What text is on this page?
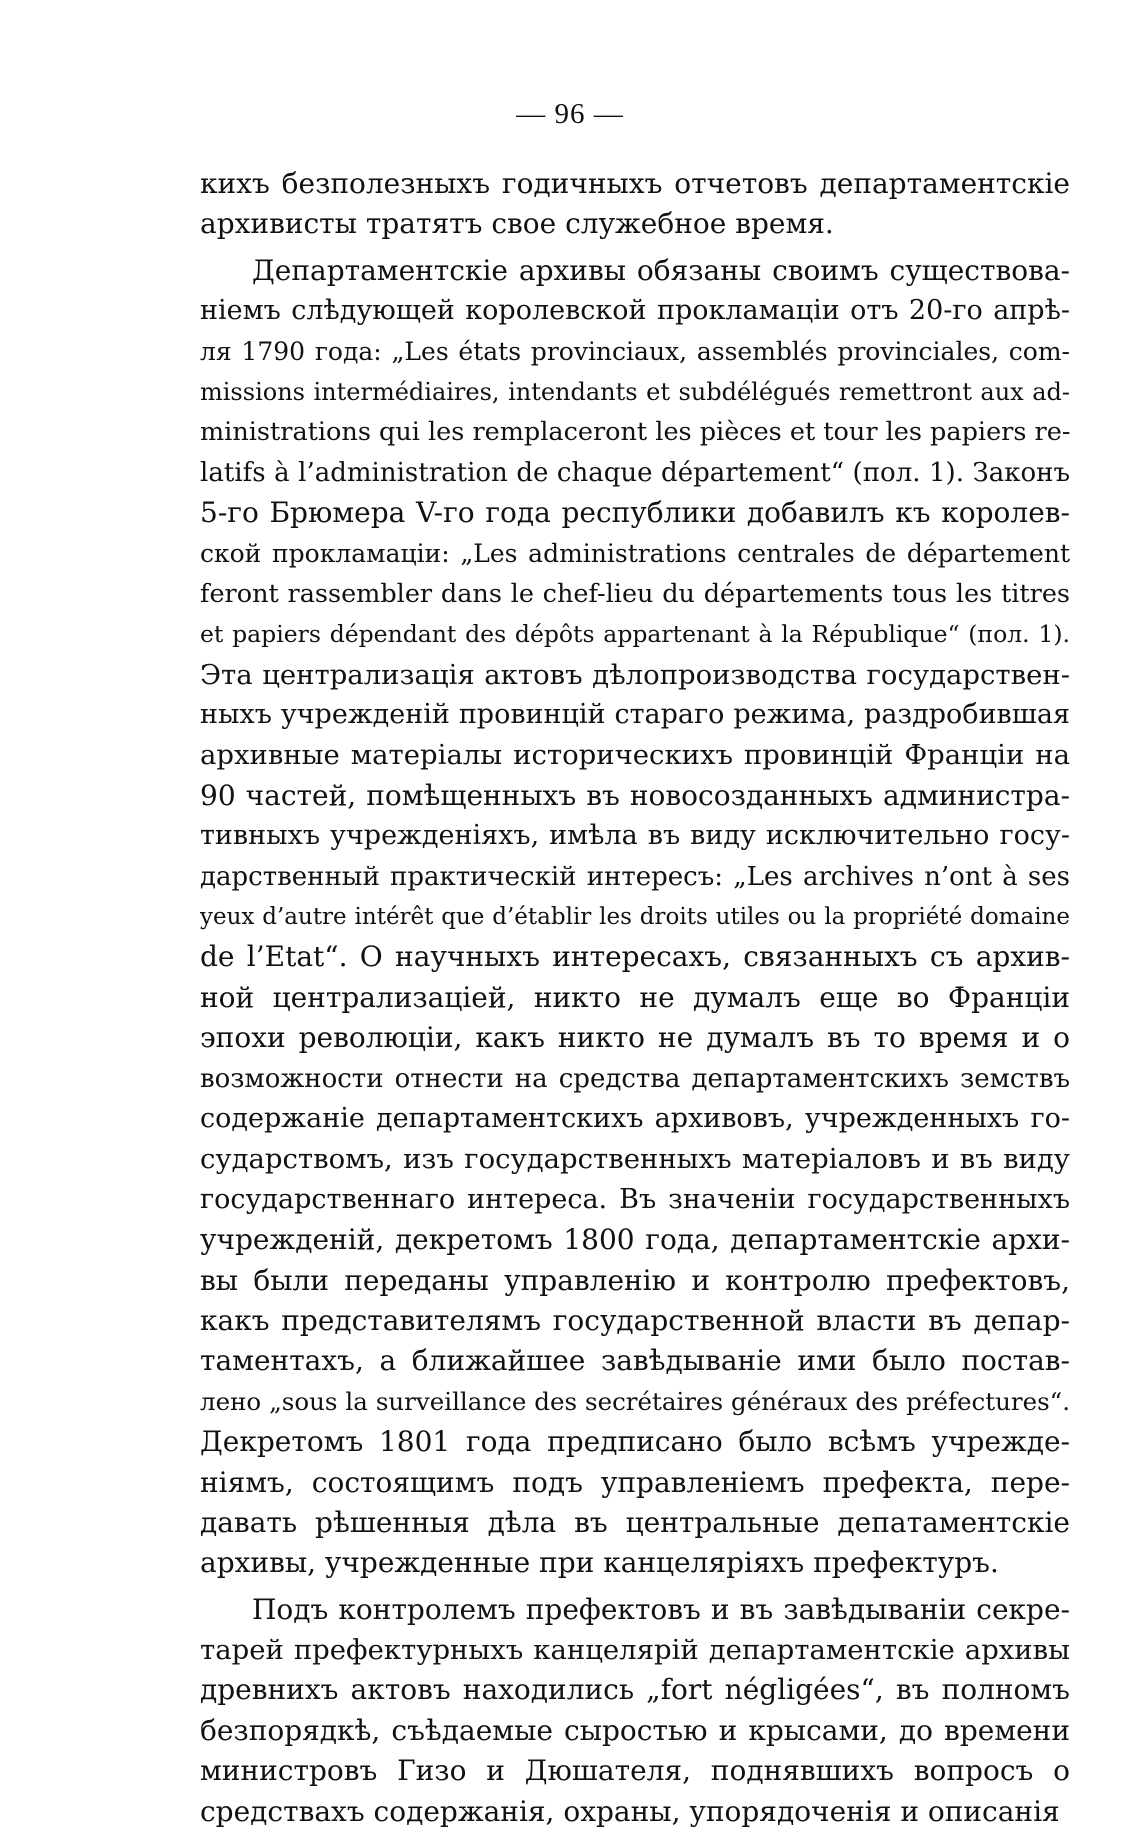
— 96 —
кихъ безполезныхъ годичныхъ отчетовъ департаментскіе
архивисты тратятъ свое служебное время.
Департаментскіе архивы обязаны своимъ существова-
ніемъ слѣдующей королевской прокламаціи отъ 20-го апрѣ-
ля 1790 года: „Les états provinciaux, assemblés provinciales, com-
missions intermédiaires, intendants et subdélégués remettront aux ad-
ministrations qui les remplaceront les pièces et tour les papiers re-
latifs à l’administration de chaque département“ (пол. 1). Законъ
5-го Брюмера V-го года республики добавилъ къ королев-
ской прокламаціи: „Les administrations centrales de département
feront rassembler dans le chef-lieu du départements tous les titres
et papiers dépendant des dépôts appartenant à la République“ (пол. 1).
Эта централизація актовъ дѣлопроизводства государствен-
ныхъ учрежденій провинцій стараго режима, раздробившая
архивные матеріалы историческихъ провинцій Франціи на
90 частей, помѣщенныхъ въ новосозданныхъ администра-
тивныхъ учрежденіяхъ, имѣла въ виду исключительно госу-
дарственный практическій интересъ: „Les archives n’ont à ses
yeux d’autre intérêt que d’établir les droits utiles ou la propriété domaine
de l’Etat“. О научныхъ интересахъ, связанныхъ съ архив-
ной централизаціей, никто не думалъ еще во Франціи
эпохи революціи, какъ никто не думалъ въ то время и о
возможности отнести на средства департаментскихъ земствъ
содержаніе департаментскихъ архивовъ, учрежденныхъ го-
сударствомъ, изъ государственныхъ матеріаловъ и въ виду
государственнаго интереса. Въ значеніи государственныхъ
учрежденій, декретомъ 1800 года, департаментскіе архи-
вы были переданы управленію и контролю префектовъ,
какъ представителямъ государственной власти въ депар-
таментахъ, а ближайшее завѣдываніе ими было постав-
лено „sous la surveillance des secrétaires généraux des préfectures“.
Декретомъ 1801 года предписано было всѣмъ учрежде-
ніямъ, состоящимъ подъ управленіемъ префекта, пере-
давать рѣшенныя дѣла въ центральные депатаментскіе
архивы, учрежденные при канцеляріяхъ префектуръ.
Подъ контролемъ префектовъ и въ завѣдываніи секре-
тарей префектурныхъ канцелярій департаментскіе архивы
древнихъ актовъ находились „fort négligées“, въ полномъ
безпорядкѣ, съѣдаемые сыростью и крысами, до времени
министровъ Гизо и Дюшателя, поднявшихъ вопросъ о
средствахъ содержанія, охраны, упорядоченія и описанія
